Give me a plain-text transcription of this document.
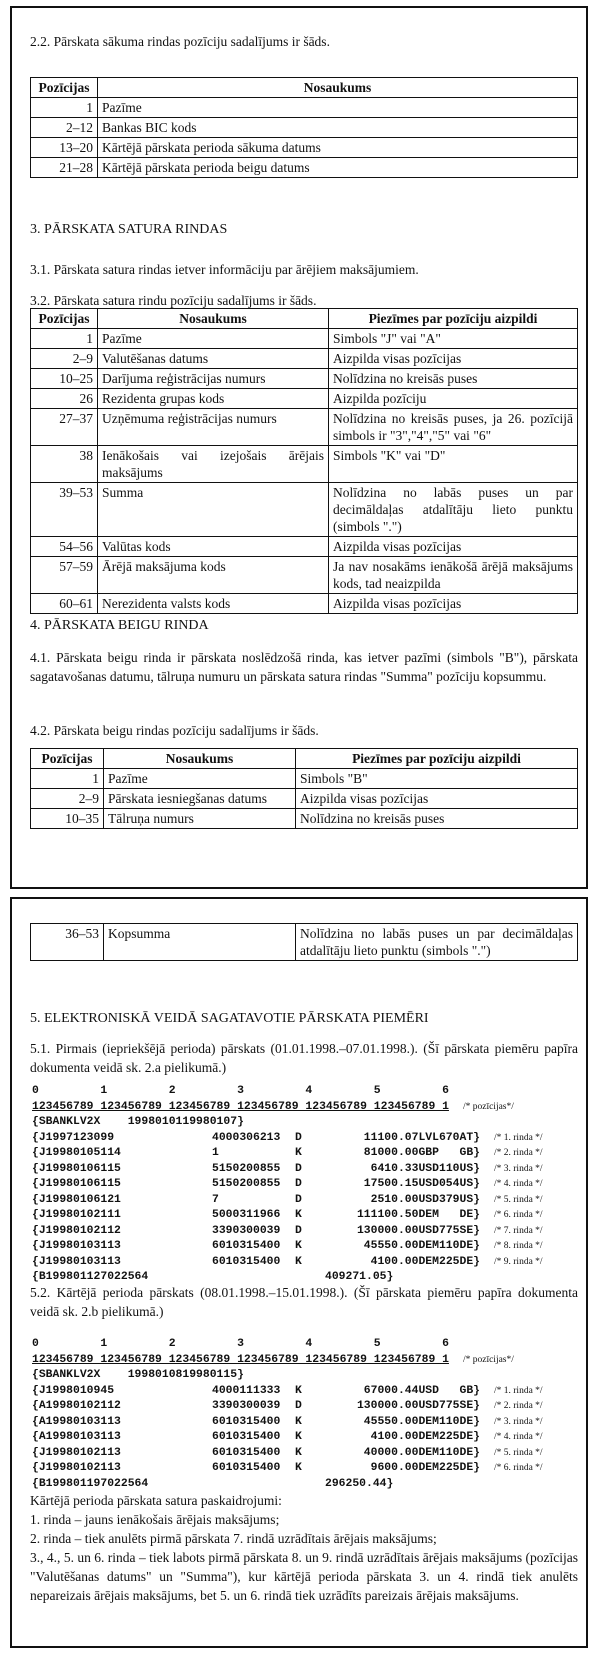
2.2. Pārskata sākuma rindas pozīciju sadalījums ir šāds.

Pozīcijas	Nosaukums
1	Pazīme
2–12	Bankas BIC kods
13–20	Kārtējā pārskata perioda sākuma datums
21–28	Kārtējā pārskata perioda beigu datums
3. PĀRSKATA SATURA RINDAS

3.1. Pārskata satura rindas ietver informāciju par ārējiem maksājumiem.

3.2. Pārskata satura rindu pozīciju sadalījums ir šāds.

Pozīcijas	Nosaukums	Piezīmes par pozīciju aizpildi
1	Pazīme	Simbols "J" vai "A"
2–9	Valutēšanas datums	Aizpilda visas pozīcijas
10–25	Darījuma reģistrācijas numurs	Nolīdzina no kreisās puses
26	Rezidenta grupas kods	Aizpilda pozīciju
27–37	Uzņēmuma reģistrācijas numurs	Nolīdzina no kreisās puses, ja 26. pozīcijā simbols ir "3","4","5" vai "6"
38	Ienākošais vai izejošais ārējais maksājums	Simbols "K" vai "D"
39–53	Summa	Nolīdzina no labās puses un par decimāldaļas atdalītāju lieto punktu (simbols ".")
54–56	Valūtas kods	Aizpilda visas pozīcijas
57–59	Ārējā maksājuma kods	Ja nav nosakāms ienākošā ārējā maksājums kods, tad neaizpilda
60–61	Nerezidenta valsts kods	Aizpilda visas pozīcijas
4. PĀRSKATA BEIGU RINDA

4.1. Pārskata beigu rinda ir pārskata noslēdzošā rinda, kas ietver pazīmi (simbols "B"), pārskata sagatavošanas datumu, tālruņa numuru un pārskata satura rindas "Summa" pozīciju kopsummu.

4.2. Pārskata beigu rindas pozīciju sadalījums ir šāds.

Pozīcijas	Nosaukums	Piezīmes par pozīciju aizpildi
1	Pazīme	Simbols "B"
2–9	Pārskata iesniegšanas datums	Aizpilda visas pozīcijas
10–35	Tālruņa numurs	Nolīdzina no kreisās puses
36–53	Kopsumma	Nolīdzina no labās puses un par decimāldaļas atdalītāju lieto punktu (simbols ".")
5. ELEKTRONISKĀ VEIDĀ SAGATAVOTIE PĀRSKATA PIEMĒRI

5.1. Pirmais (iepriekšējā perioda) pārskats (01.01.1998.–07.01.1998.). (Šī pārskata piemēru papīra dokumenta veidā sk. 2.a pielikumā.)

0         1         2         3         4         5         6
123456789 123456789 123456789 123456789 123456789 123456789 1 /* pozīcijas*/
{SBANKLV2X    1998010119980107}
{J1997123099	4000306213	D	11100.07LVL670AT} /* 1. rinda */
{J19980105114	1	K	81000.00GBP   GB} /* 2. rinda */
{J19980106115	5150200855	D	6410.33USD110US} /* 3. rinda */
{J19980106115	5150200855	D	17500.15USD054US} /* 4. rinda */
{J19980106121	7	D	2510.00USD379US} /* 5. rinda */
{J19980102111	5000311966	K	111100.50DEM   DE} /* 6. rinda */
{J19980102112	3390300039	D	130000.00USD775SE} /* 7. rinda */
{J19980103113	6010315400	K	45550.00DEM110DE} /* 8. rinda */
{J19980103113	6010315400	K	4100.00DEM225DE} /* 9. rinda */
{B199801127022564	409271.05}

5.2. Kārtējā perioda pārskats (08.01.1998.–15.01.1998.). (Šī pārskata piemēru papīra dokumenta veidā sk. 2.b pielikumā.)

0         1         2         3         4         5         6
123456789 123456789 123456789 123456789 123456789 123456789 1 /* pozīcijas*/
{SBANKLV2X    1998010819980115}
{J1998010945	4000111333	K	67000.44USD   GB} /* 1. rinda */
{A19980102112	3390300039	D	130000.00USD775SE} /* 2. rinda */
{A19980103113	6010315400	K	45550.00DEM110DE} /* 3. rinda */
{A19980103113	6010315400	K	4100.00DEM225DE} /* 4. rinda */
{J19980102113	6010315400	K	40000.00DEM110DE} /* 5. rinda */
{J19980102113	6010315400	K	9600.00DEM225DE} /* 6. rinda */
{B199801197022564	296250.44}
Kārtējā perioda pārskata satura paskaidrojumi:
1. rinda – jauns ienākošais ārējais maksājums;
2. rinda – tiek anulēts pirmā pārskata 7. rindā uzrādītais ārējais maksājums;
3., 4., 5. un 6. rinda – tiek labots pirmā pārskata 8. un 9. rindā uzrādītais ārējais maksājums (pozīcijas "Valutēšanas datums" un "Summa"), kur kārtējā perioda pārskata 3. un 4. rindā tiek anulēts nepareizais ārējais maksājums, bet 5. un 6. rindā tiek uzrādīts pareizais ārējais maksājums.
